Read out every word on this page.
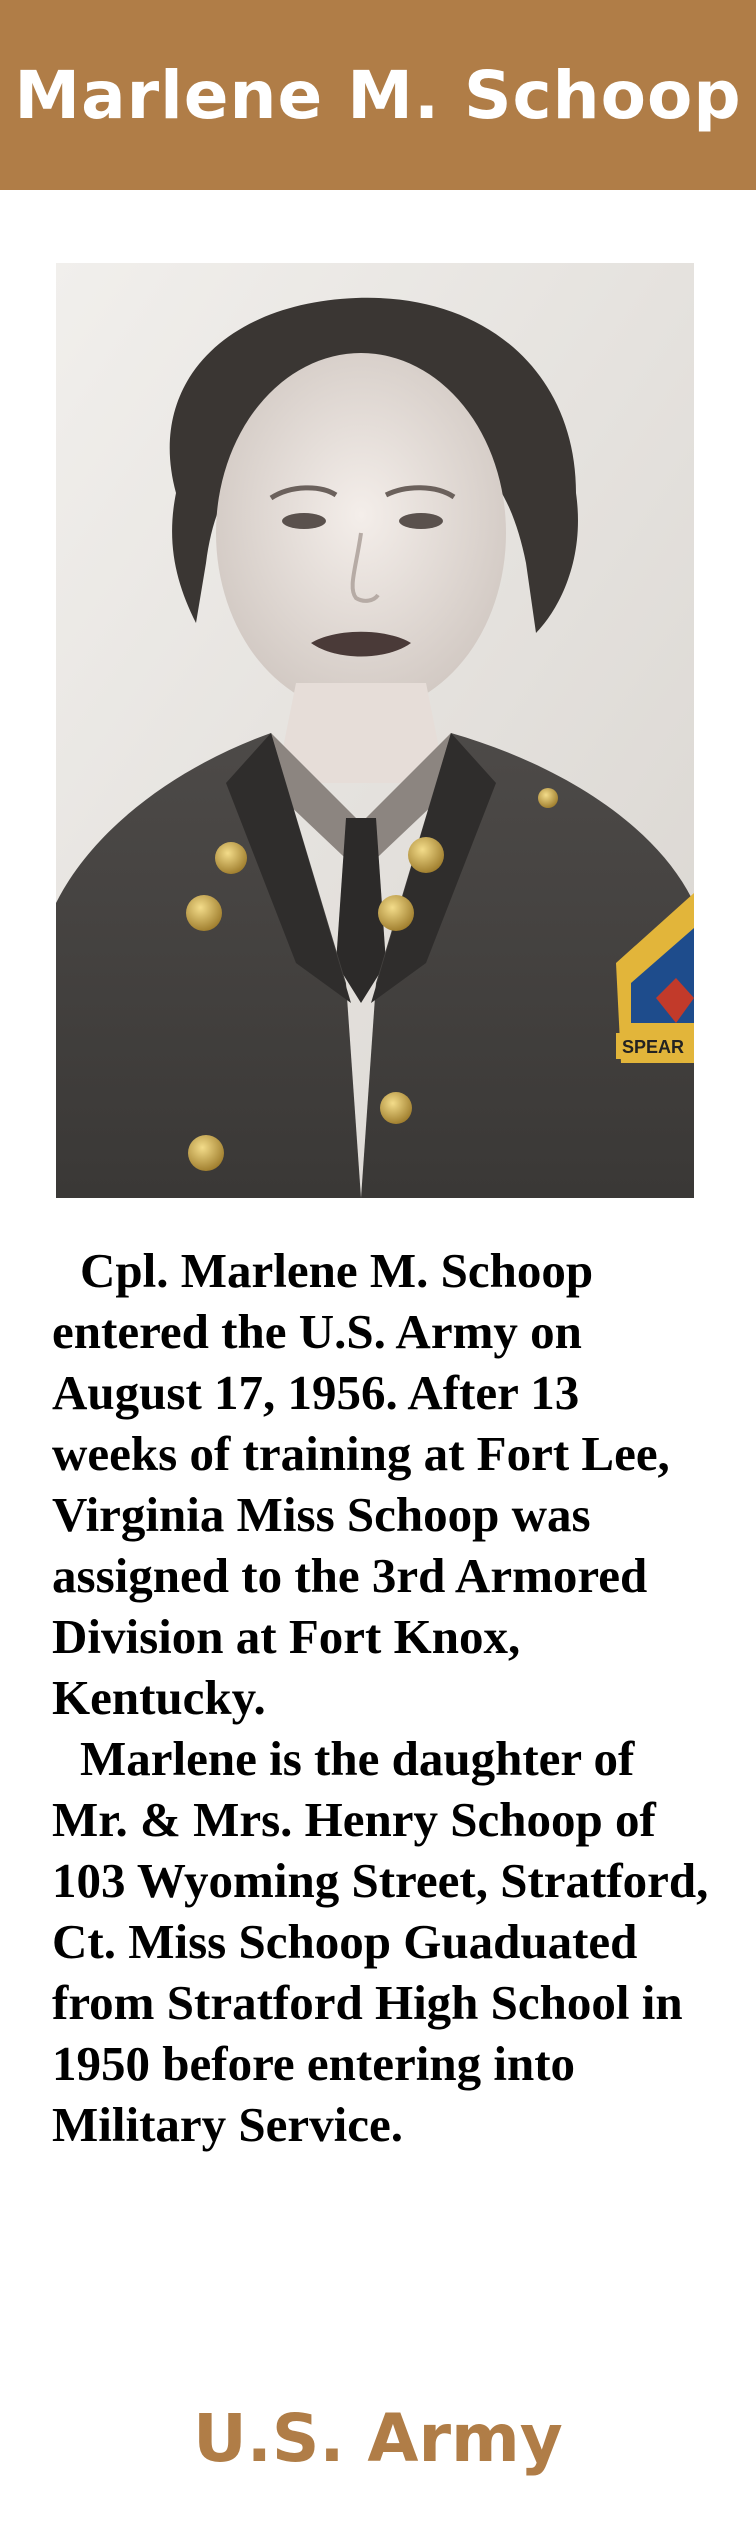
Marlene M. Schoop
SPEAR

Cpl. Marlene M. Schoop entered the U.S. Army on August 17, 1956. After 13 weeks of training at Fort Lee, Virginia Miss Schoop was assigned to the 3rd Armored Division at Fort Knox, Kentucky.

Marlene is the daughter of Mr. & Mrs. Henry Schoop of 103 Wyoming Street, Stratford, Ct. Miss Schoop Guaduated from Stratford High School in 1950 before entering into Military Service.

U.S. Army
